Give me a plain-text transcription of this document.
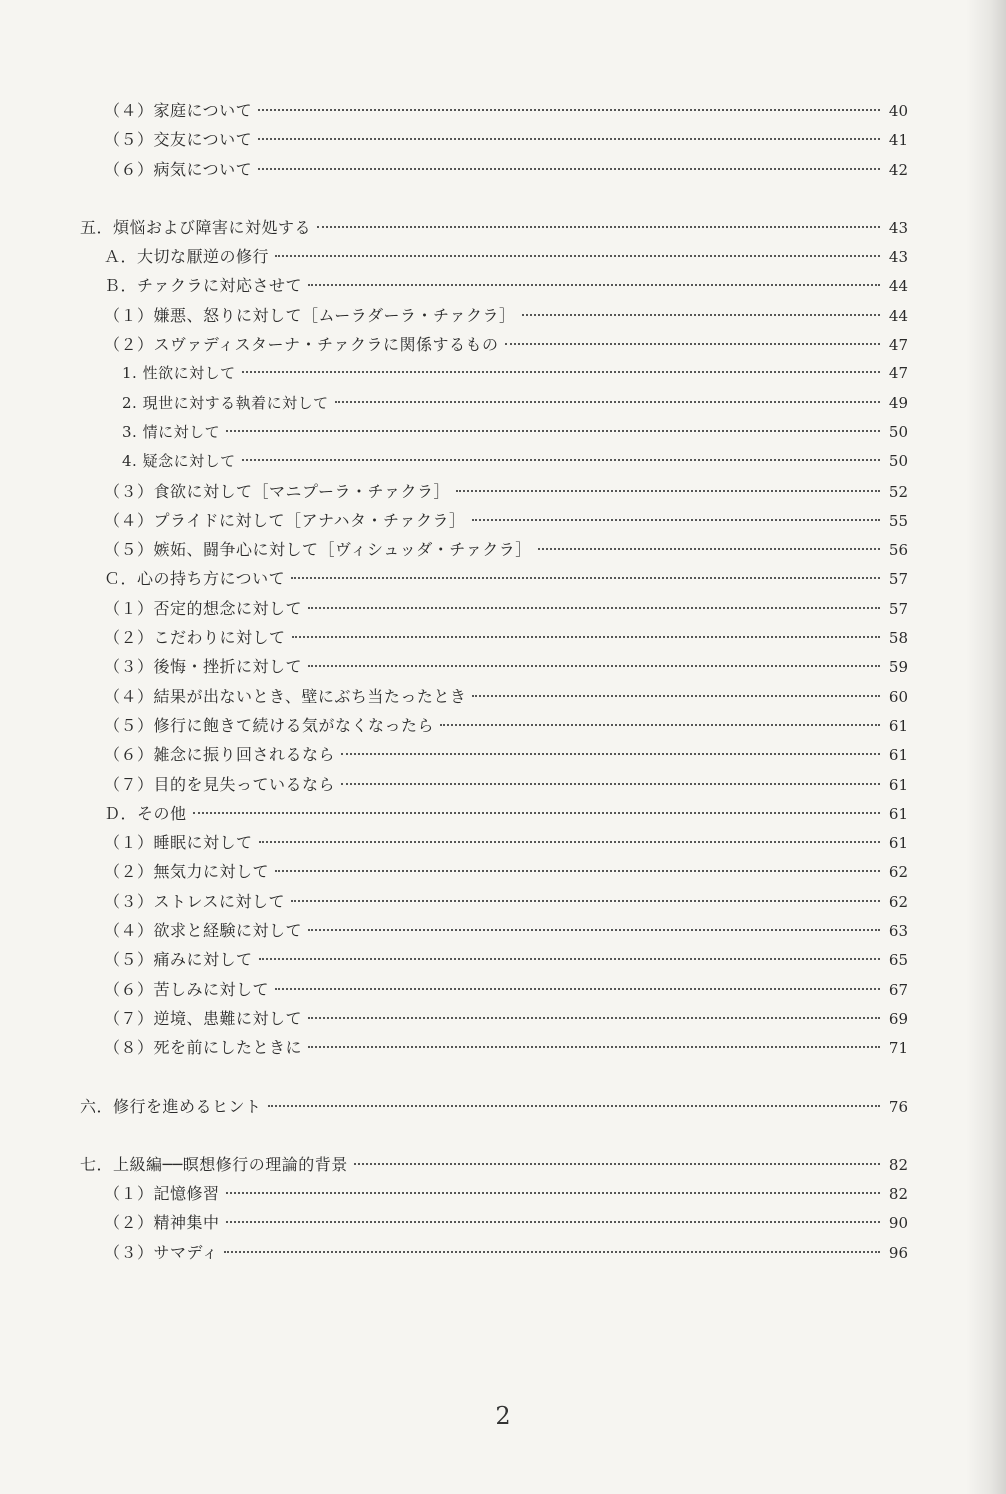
（４）家庭について	40
（５）交友について	41
（６）病気について	42
五．煩悩および障害に対処する	43
Ａ．大切な厭逆の修行	43
Ｂ．チァクラに対応させて	44
（１）嫌悪、怒りに対して［ムーラダーラ・チァクラ］	44
（２）スヴァディスターナ・チァクラに関係するもの	47
1. 性欲に対して	47
2. 現世に対する執着に対して	49
3. 情に対して	50
4. 疑念に対して	50
（３）食欲に対して［マニプーラ・チァクラ］	52
（４）プライドに対して［アナハタ・チァクラ］	55
（５）嫉妬、闘争心に対して［ヴィシュッダ・チァクラ］	56
Ｃ．心の持ち方について	57
（１）否定的想念に対して	57
（２）こだわりに対して	58
（３）後悔・挫折に対して	59
（４）結果が出ないとき、壁にぶち当たったとき	60
（５）修行に飽きて続ける気がなくなったら	61
（６）雑念に振り回されるなら	61
（７）目的を見失っているなら	61
Ｄ．その他	61
（１）睡眠に対して	61
（２）無気力に対して	62
（３）ストレスに対して	62
（４）欲求と経験に対して	63
（５）痛みに対して	65
（６）苦しみに対して	67
（７）逆境、患難に対して	69
（８）死を前にしたときに	71
六．修行を進めるヒント	76
七．上級編──瞑想修行の理論的背景	82
（１）記憶修習	82
（２）精神集中	90
（３）サマディ	96
2
